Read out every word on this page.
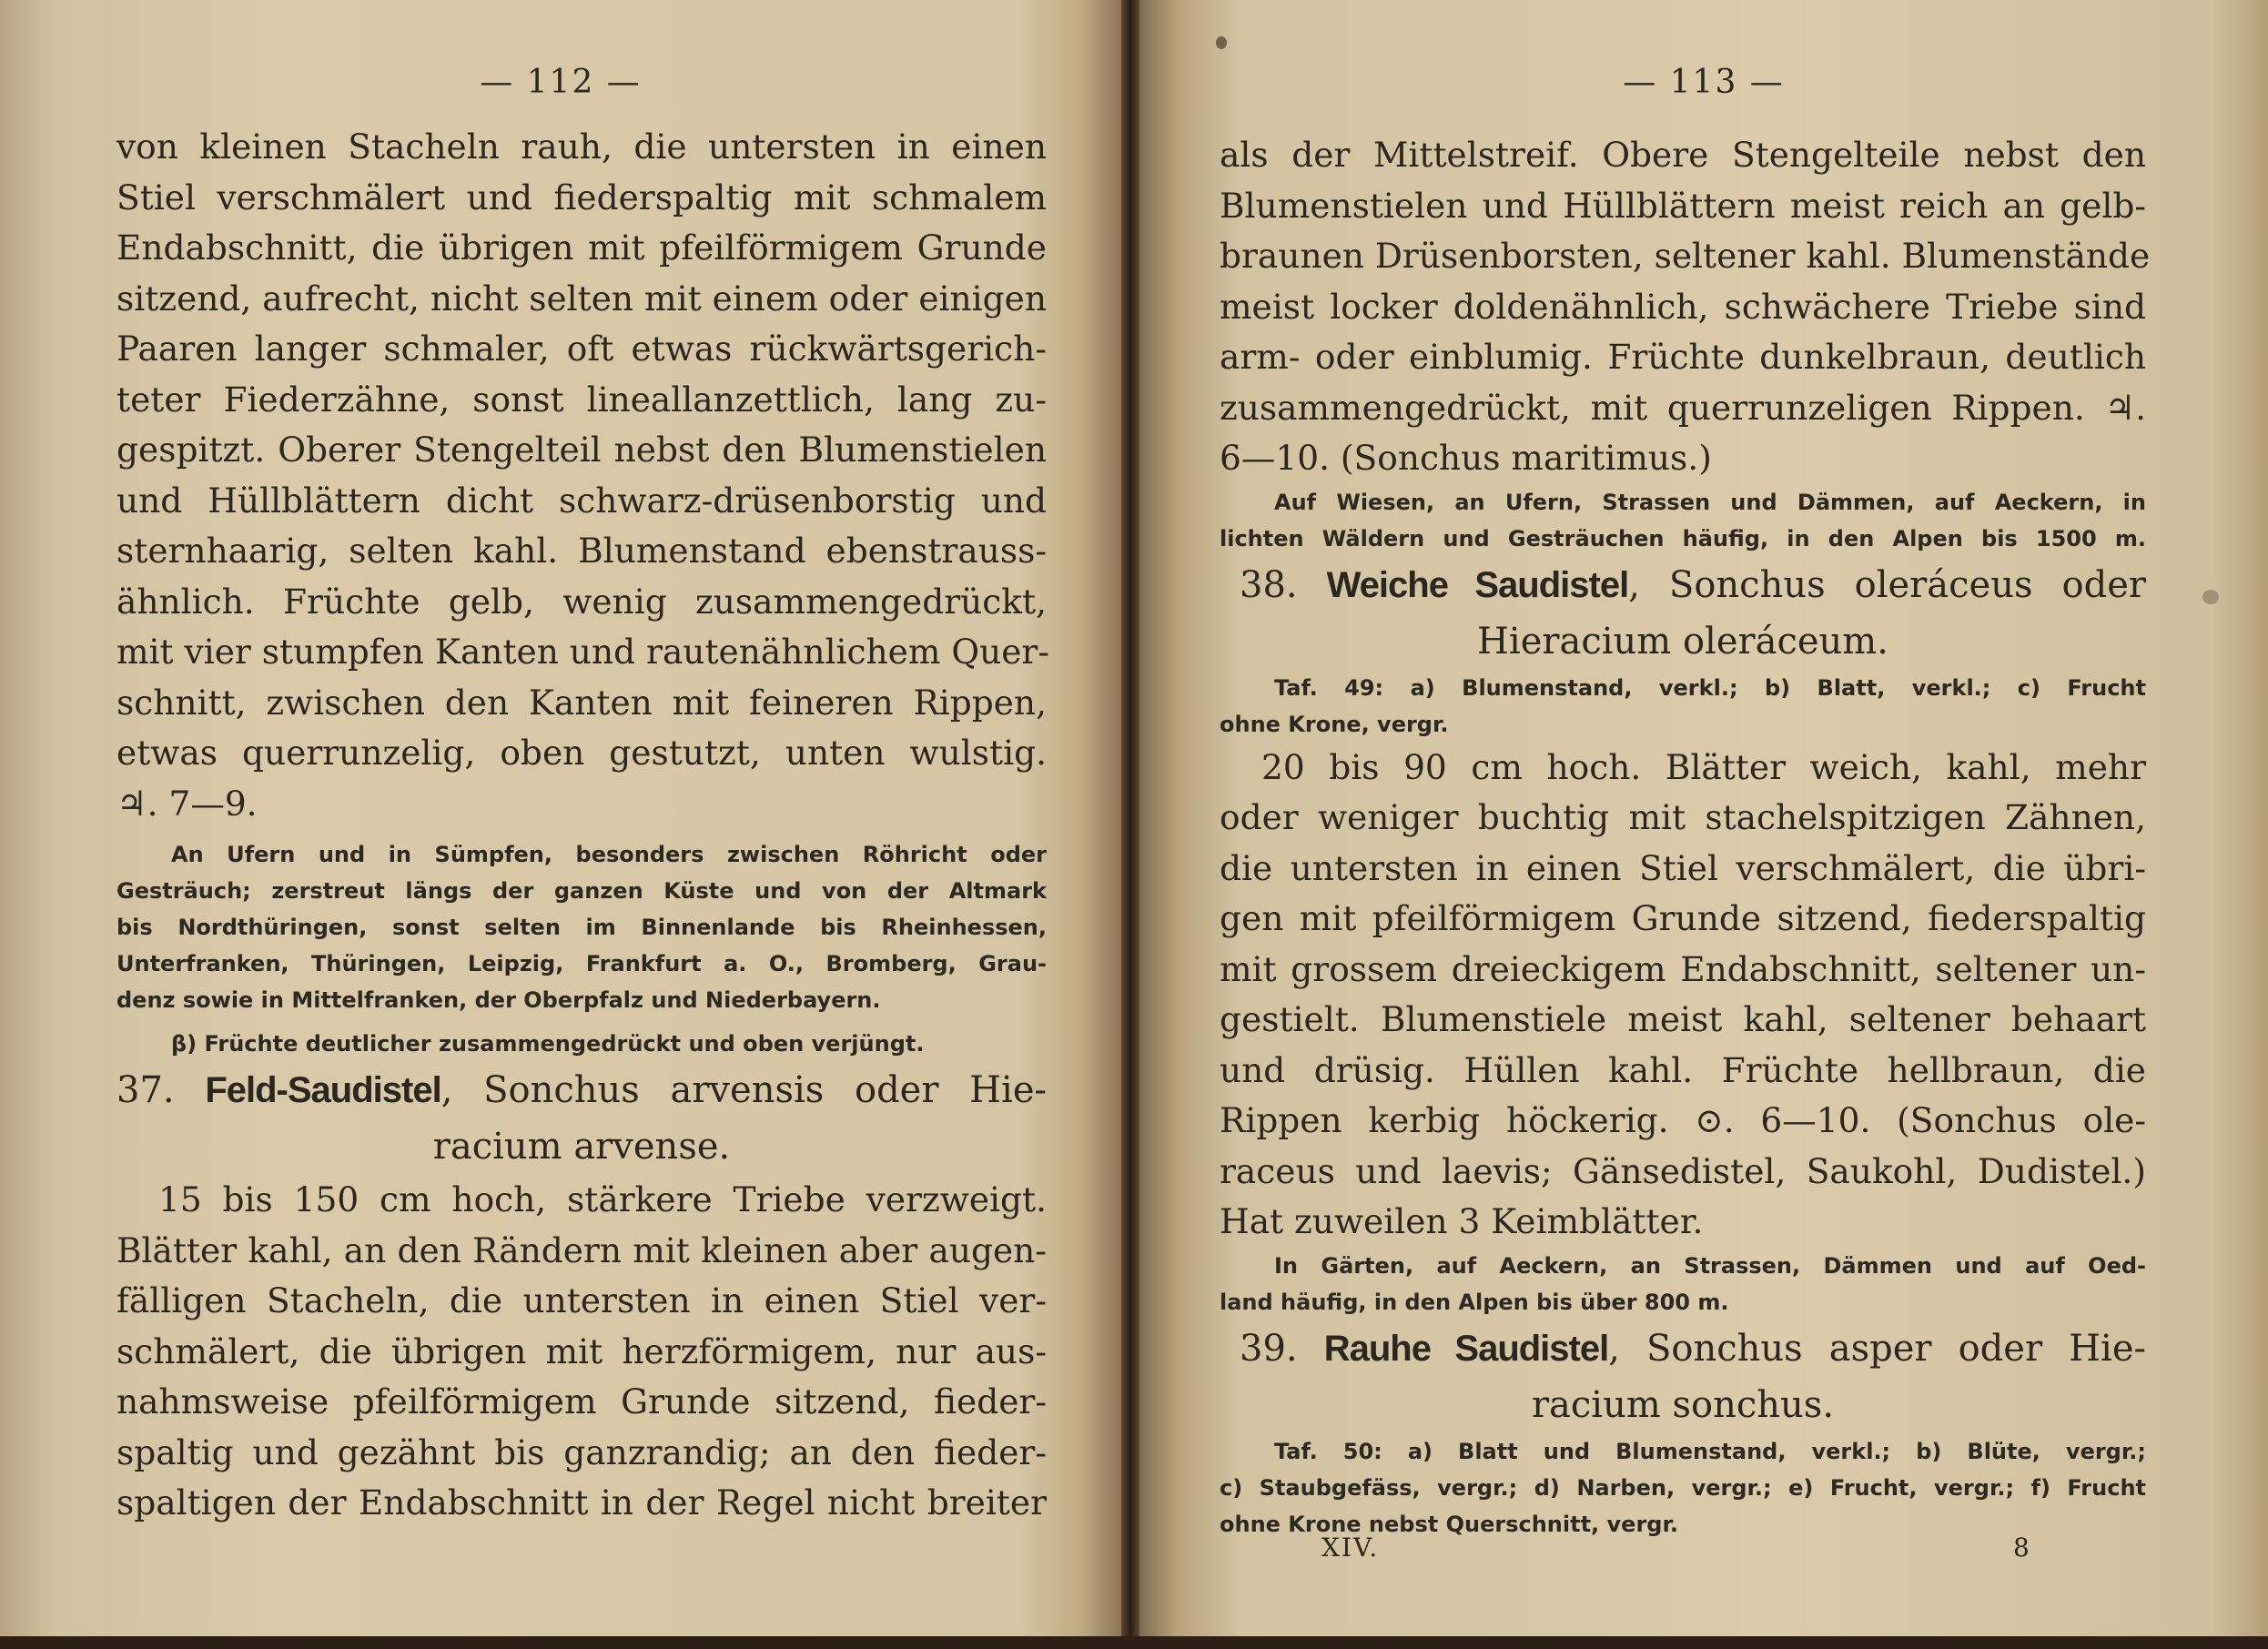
— 112 —
von kleinen Stacheln rauh, die untersten in einen
Stiel verschmälert und fiederspaltig mit schmalem
Endabschnitt, die übrigen mit pfeilförmigem Grunde
sitzend, aufrecht, nicht selten mit einem oder einigen
Paaren langer schmaler, oft etwas rückwärtsgerich-
teter Fiederzähne, sonst lineallanzettlich, lang zu-
gespitzt. Oberer Stengelteil nebst den Blumenstielen
und Hüllblättern dicht schwarz-drüsenborstig und
sternhaarig, selten kahl. Blumenstand ebenstrauss-
ähnlich. Früchte gelb, wenig zusammengedrückt,
mit vier stumpfen Kanten und rautenähnlichem Quer-
schnitt, zwischen den Kanten mit feineren Rippen,
etwas querrunzelig, oben gestutzt, unten wulstig.
♃. 7—9.
An Ufern und in Sümpfen, besonders zwischen Röhricht oder
Gesträuch; zerstreut längs der ganzen Küste und von der Altmark
bis Nordthüringen, sonst selten im Binnenlande bis Rheinhessen,
Unterfranken, Thüringen, Leipzig, Frankfurt a. O., Bromberg, Grau-
denz sowie in Mittelfranken, der Oberpfalz und Niederbayern.
β) Früchte deutlicher zusammengedrückt und oben verjüngt.
37. Feld-Saudistel, Sonchus arvensis oder Hie-
racium arvense.
15 bis 150 cm hoch, stärkere Triebe verzweigt.
Blätter kahl, an den Rändern mit kleinen aber augen-
fälligen Stacheln, die untersten in einen Stiel ver-
schmälert, die übrigen mit herzförmigem, nur aus-
nahmsweise pfeilförmigem Grunde sitzend, fieder-
spaltig und gezähnt bis ganzrandig; an den fieder-
spaltigen der Endabschnitt in der Regel nicht breiter
— 113 —
als der Mittelstreif. Obere Stengelteile nebst den
Blumenstielen und Hüllblättern meist reich an gelb-
braunen Drüsenborsten, seltener kahl. Blumenstände
meist locker doldenähnlich, schwächere Triebe sind
arm- oder einblumig. Früchte dunkelbraun, deutlich
zusammengedrückt, mit querrunzeligen Rippen. ♃.
6—10. (Sonchus maritimus.)
Auf Wiesen, an Ufern, Strassen und Dämmen, auf Aeckern, in
lichten Wäldern und Gesträuchen häufig, in den Alpen bis 1500 m.
38. Weiche Saudistel, Sonchus oleráceus oder
Hieracium oleráceum.
Taf. 49: a) Blumenstand, verkl.; b) Blatt, verkl.; c) Frucht
ohne Krone, vergr.
20 bis 90 cm hoch. Blätter weich, kahl, mehr
oder weniger buchtig mit stachelspitzigen Zähnen,
die untersten in einen Stiel verschmälert, die übri-
gen mit pfeilförmigem Grunde sitzend, fiederspaltig
mit grossem dreieckigem Endabschnitt, seltener un-
gestielt. Blumenstiele meist kahl, seltener behaart
und drüsig. Hüllen kahl. Früchte hellbraun, die
Rippen kerbig höckerig. ⊙. 6—10. (Sonchus ole-
raceus und laevis; Gänsedistel, Saukohl, Dudistel.)
Hat zuweilen 3 Keimblätter.
In Gärten, auf Aeckern, an Strassen, Dämmen und auf Oed-
land häufig, in den Alpen bis über 800 m.
39. Rauhe Saudistel, Sonchus asper oder Hie-
racium sonchus.
Taf. 50: a) Blatt und Blumenstand, verkl.; b) Blüte, vergr.;
c) Staubgefäss, vergr.; d) Narben, vergr.; e) Frucht, vergr.; f) Frucht
ohne Krone nebst Querschnitt, vergr.
XIV.	8
